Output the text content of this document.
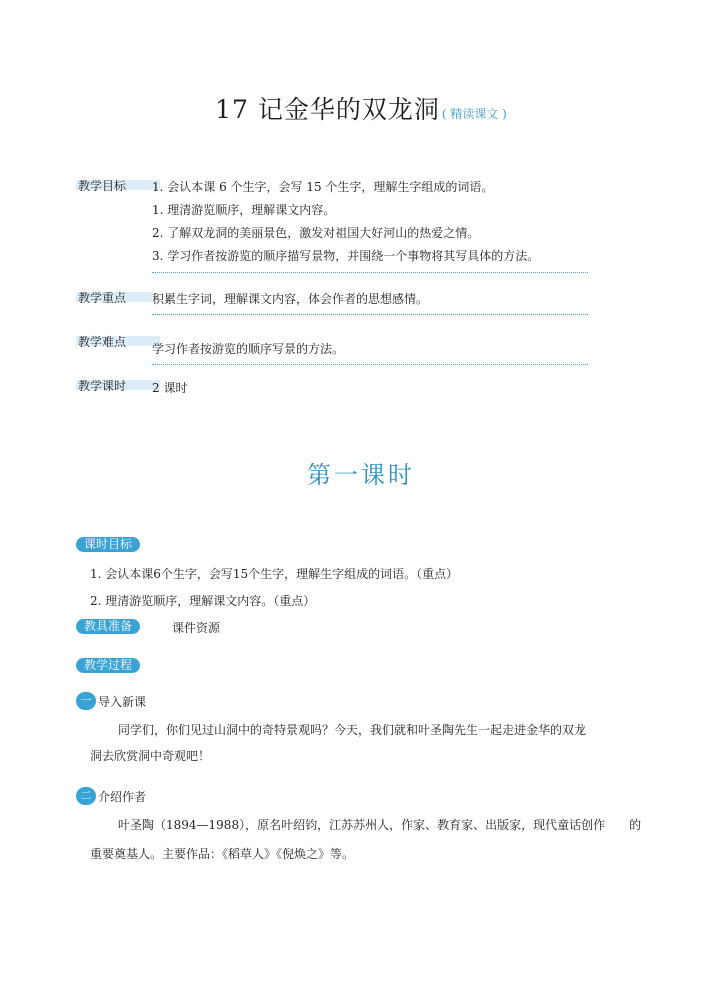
17 记金华的双龙洞 ( 精读课文 )
教学目标	1. 会认本课 6 个生字，会写 15 个生字，理解生字组成的词语。
1. 理清游览顺序，理解课文内容。
2. 了解双龙洞的美丽景色，激发对祖国大好河山的热爱之情。
3. 学习作者按游览的顺序描写景物，并围绕一个事物将其写具体的方法。
教学重点	积累生字词，理解课文内容，体会作者的思想感情。
教学难点	学习作者按游览的顺序写景的方法。
教学课时	2 课时
第一课时
课时目标
1. 会认本课6个生字，会写15个生字，理解生字组成的词语。（重点）
2. 理清游览顺序，理解课文内容。（重点）
教具准备	课件资源
教学过程
一 导入新课
同学们，你们见过山洞中的奇特景观吗？今天，我们就和叶圣陶先生一起走进金华的双龙
洞去欣赏洞中奇观吧！
二 介绍作者
叶圣陶（1894—1988），原名叶绍钧，江苏苏州人，作家、教育家、出版家，现代童话创作　　的
重要奠基人。主要作品：《稻草人》《倪焕之》等。
